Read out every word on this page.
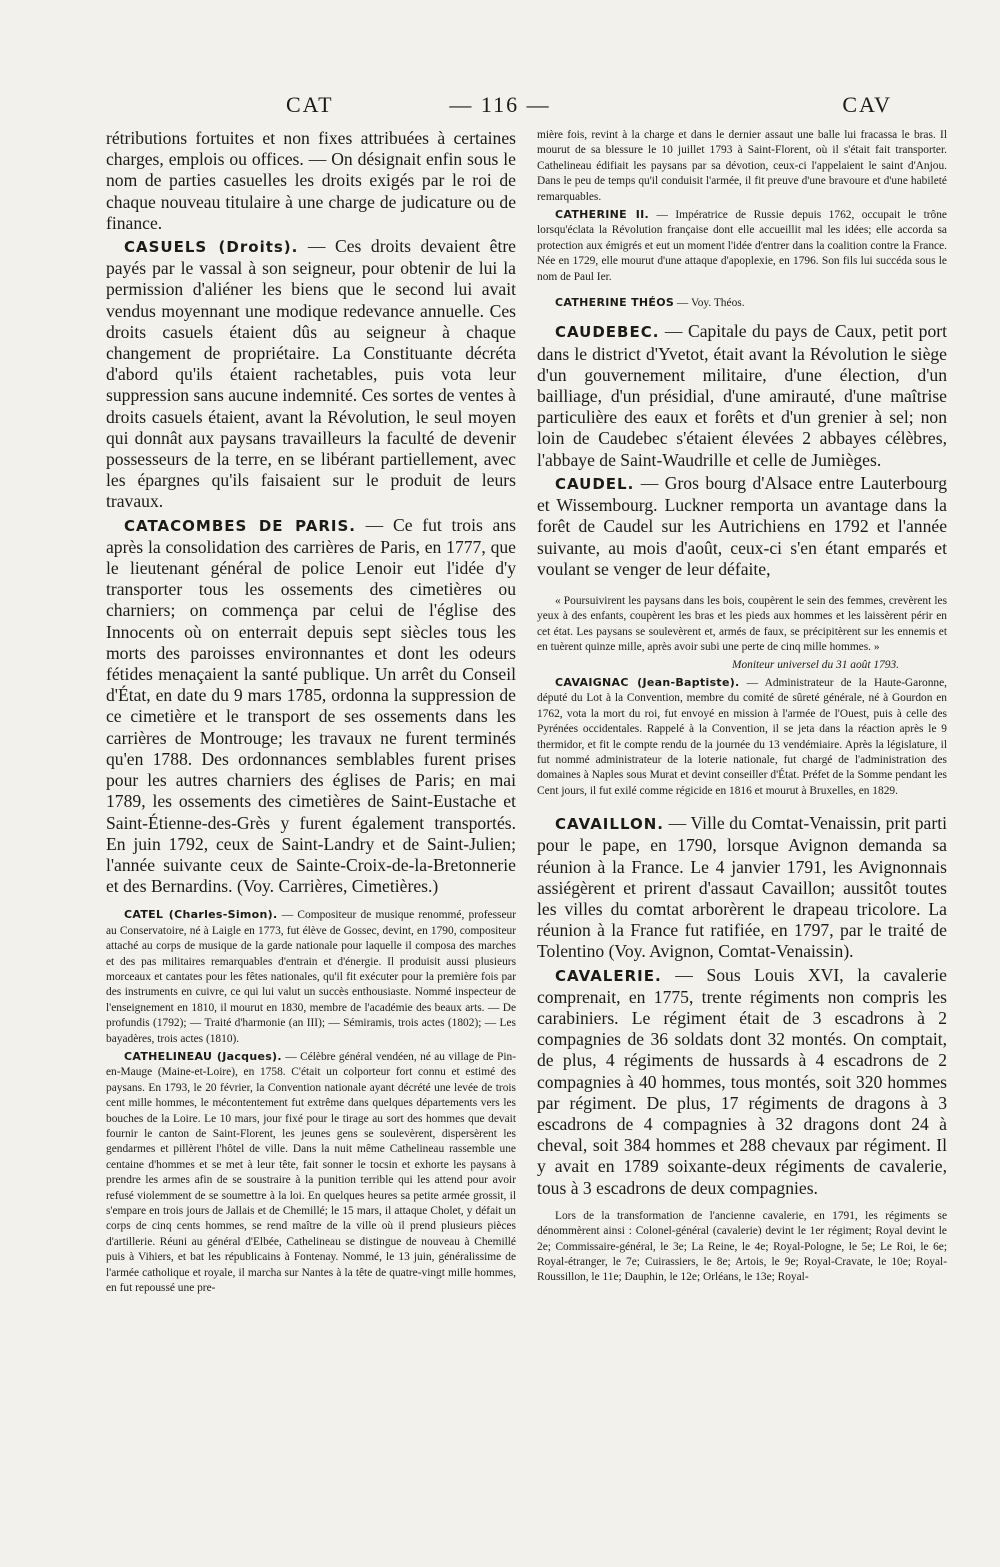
CAT	— 116 —	CAV

rétributions fortuites et non fixes attribuées à certaines charges, emplois ou offices. — On désignait enfin sous le nom de parties casuelles les droits exigés par le roi de chaque nouveau titulaire à une charge de judicature ou de finance.

CASUELS (Droits). — Ces droits devaient être payés par le vassal à son seigneur, pour obtenir de lui la permission d'aliéner les biens que le second lui avait vendus moyennant une modique redevance annuelle. Ces droits casuels étaient dûs au seigneur à chaque changement de propriétaire. La Constituante décréta d'abord qu'ils étaient rachetables, puis vota leur suppression sans aucune indemnité. Ces sortes de ventes à droits casuels étaient, avant la Révolution, le seul moyen qui donnât aux paysans travailleurs la faculté de devenir possesseurs de la terre, en se libérant partiellement, avec les épargnes qu'ils faisaient sur le produit de leurs travaux.

CATACOMBES DE PARIS. — Ce fut trois ans après la consolidation des carrières de Paris, en 1777, que le lieutenant général de police Lenoir eut l'idée d'y transporter tous les ossements des cimetières ou charniers; on commença par celui de l'église des Innocents où on enterrait depuis sept siècles tous les morts des paroisses environnantes et dont les odeurs fétides menaçaient la santé publique. Un arrêt du Conseil d'État, en date du 9 mars 1785, ordonna la suppression de ce cimetière et le transport de ses ossements dans les carrières de Montrouge; les travaux ne furent terminés qu'en 1788. Des ordonnances semblables furent prises pour les autres charniers des églises de Paris; en mai 1789, les ossements des cimetières de Saint-Eustache et Saint-Étienne-des-Grès y furent également transportés. En juin 1792, ceux de Saint-Landry et de Saint-Julien; l'année suivante ceux de Sainte-Croix-de-la-Bretonnerie et des Bernardins. (Voy. Carrières, Cimetières.)

CATEL (Charles-Simon). — Compositeur de musique renommé, professeur au Conservatoire, né à Laigle en 1773, fut élève de Gossec, devint, en 1790, compositeur attaché au corps de musique de la garde nationale pour laquelle il composa des marches et des pas militaires remarquables d'entrain et d'énergie. Il produisit aussi plusieurs morceaux et cantates pour les fêtes nationales, qu'il fit exécuter pour la première fois par des instruments en cuivre, ce qui lui valut un succès enthousiaste. Nommé inspecteur de l'enseignement en 1810, il mourut en 1830, membre de l'académie des beaux arts. — De profundis (1792); — Traité d'harmonie (an III); — Sémiramis, trois actes (1802); — Les bayadères, trois actes (1810).

CATHELINEAU (Jacques). — Célèbre général vendéen, né au village de Pin-en-Mauge (Maine-et-Loire), en 1758. C'était un colporteur fort connu et estimé des paysans. En 1793, le 20 février, la Convention nationale ayant décrété une levée de trois cent mille hommes, le mécontentement fut extrême dans quelques départements vers les bouches de la Loire. Le 10 mars, jour fixé pour le tirage au sort des hommes que devait fournir le canton de Saint-Florent, les jeunes gens se soulevèrent, dispersèrent les gendarmes et pillèrent l'hôtel de ville. Dans la nuit même Cathelineau rassemble une centaine d'hommes et se met à leur tête, fait sonner le tocsin et exhorte les paysans à prendre les armes afin de se soustraire à la punition terrible qui les attend pour avoir refusé violemment de se soumettre à la loi. En quelques heures sa petite armée grossit, il s'empare en trois jours de Jallais et de Chemillé; le 15 mars, il attaque Cholet, y défait un corps de cinq cents hommes, se rend maître de la ville où il prend plusieurs pièces d'artillerie. Réuni au général d'Elbée, Cathelineau se distingue de nouveau à Chemillé puis à Vihiers, et bat les républicains à Fontenay. Nommé, le 13 juin, généralissime de l'armée catholique et royale, il marcha sur Nantes à la tête de quatre-vingt mille hommes, en fut repoussé une pre-

mière fois, revint à la charge et dans le dernier assaut une balle lui fracassa le bras. Il mourut de sa blessure le 10 juillet 1793 à Saint-Florent, où il s'était fait transporter. Cathelineau édifiait les paysans par sa dévotion, ceux-ci l'appelaient le saint d'Anjou. Dans le peu de temps qu'il conduisit l'armée, il fit preuve d'une bravoure et d'une habileté remarquables.

CATHERINE II. — Impératrice de Russie depuis 1762, occupait le trône lorsqu'éclata la Révolution française dont elle accueillit mal les idées; elle accorda sa protection aux émigrés et eut un moment l'idée d'entrer dans la coalition contre la France. Née en 1729, elle mourut d'une attaque d'apoplexie, en 1796. Son fils lui succéda sous le nom de Paul Ier.

CATHERINE THÉOS — Voy. Théos.

CAUDEBEC. — Capitale du pays de Caux, petit port dans le district d'Yvetot, était avant la Révolution le siège d'un gouvernement militaire, d'une élection, d'un bailliage, d'un présidial, d'une amirauté, d'une maîtrise particulière des eaux et forêts et d'un grenier à sel; non loin de Caudebec s'étaient élevées 2 abbayes célèbres, l'abbaye de Saint-Waudrille et celle de Jumièges.

CAUDEL. — Gros bourg d'Alsace entre Lauterbourg et Wissembourg. Luckner remporta un avantage dans la forêt de Caudel sur les Autrichiens en 1792 et l'année suivante, au mois d'août, ceux-ci s'en étant emparés et voulant se venger de leur défaite,

« Poursuivirent les paysans dans les bois, coupèrent le sein des femmes, crevèrent les yeux à des enfants, coupèrent les bras et les pieds aux hommes et les laissèrent périr en cet état. Les paysans se soulevèrent et, armés de faux, se précipitèrent sur les ennemis et en tuèrent quinze mille, après avoir subi une perte de cinq mille hommes. »

Moniteur universel du 31 août 1793.

CAVAIGNAC (Jean-Baptiste). — Administrateur de la Haute-Garonne, député du Lot à la Convention, membre du comité de sûreté générale, né à Gourdon en 1762, vota la mort du roi, fut envoyé en mission à l'armée de l'Ouest, puis à celle des Pyrénées occidentales. Rappelé à la Convention, il se jeta dans la réaction après le 9 thermidor, et fit le compte rendu de la journée du 13 vendémiaire. Après la législature, il fut nommé administrateur de la loterie nationale, fut chargé de l'administration des domaines à Naples sous Murat et devint conseiller d'État. Préfet de la Somme pendant les Cent jours, il fut exilé comme régicide en 1816 et mourut à Bruxelles, en 1829.

CAVAILLON. — Ville du Comtat-Venaissin, prit parti pour le pape, en 1790, lorsque Avignon demanda sa réunion à la France. Le 4 janvier 1791, les Avignonnais assiégèrent et prirent d'assaut Cavaillon; aussitôt toutes les villes du comtat arborèrent le drapeau tricolore. La réunion à la France fut ratifiée, en 1797, par le traité de Tolentino (Voy. Avignon, Comtat-Venaissin).

CAVALERIE. — Sous Louis XVI, la cavalerie comprenait, en 1775, trente régiments non compris les carabiniers. Le régiment était de 3 escadrons à 2 compagnies de 36 soldats dont 32 montés. On comptait, de plus, 4 régiments de hussards à 4 escadrons de 2 compagnies à 40 hommes, tous montés, soit 320 hommes par régiment. De plus, 17 régiments de dragons à 3 escadrons de 4 compagnies à 32 dragons dont 24 à cheval, soit 384 hommes et 288 chevaux par régiment. Il y avait en 1789 soixante-deux régiments de cavalerie, tous à 3 escadrons de deux compagnies.

Lors de la transformation de l'ancienne cavalerie, en 1791, les régiments se dénommèrent ainsi : Colonel-général (cavalerie) devint le 1er régiment; Royal devint le 2e; Commissaire-général, le 3e; La Reine, le 4e; Royal-Pologne, le 5e; Le Roi, le 6e; Royal-étranger, le 7e; Cuirassiers, le 8e; Artois, le 9e; Royal-Cravate, le 10e; Royal-Roussillon, le 11e; Dauphin, le 12e; Orléans, le 13e; Royal-
